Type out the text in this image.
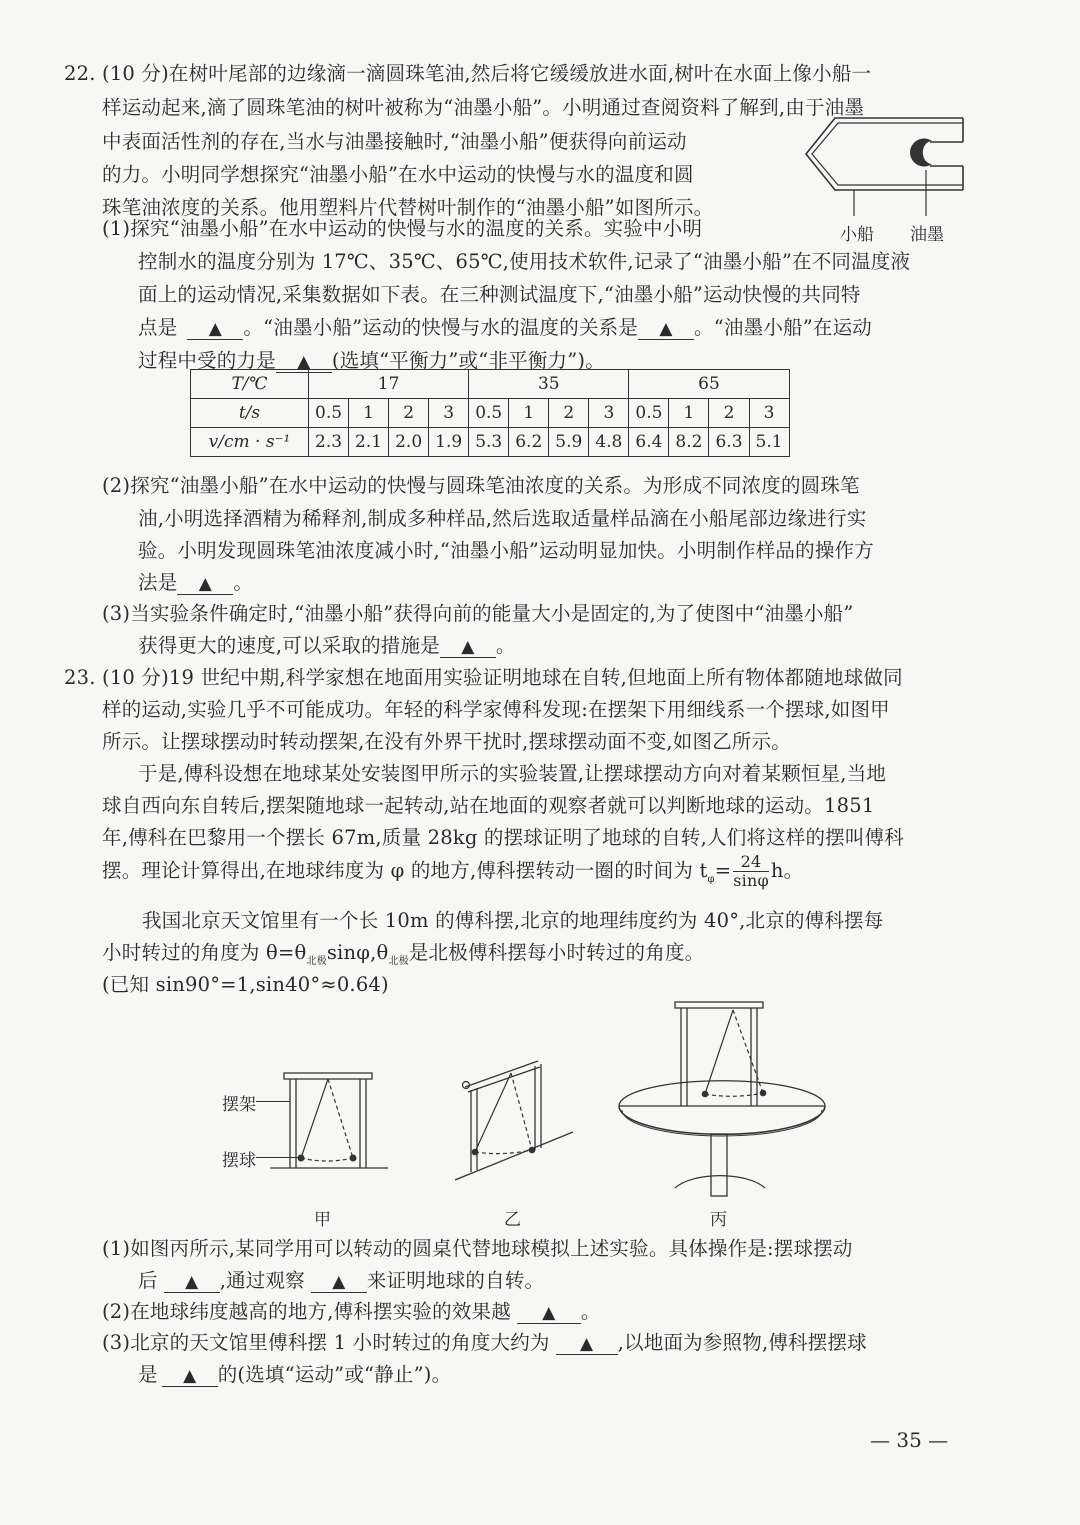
22. (10 分)在树叶尾部的边缘滴一滴圆珠笔油,然后将它缓缓放进水面,树叶在水面上像小船一
样运动起来,滴了圆珠笔油的树叶被称为“油墨小船”。小明通过查阅资料了解到,由于油墨
中表面活性剂的存在,当水与油墨接触时,“油墨小船”便获得向前运动
的力。小明同学想探究“油墨小船”在水中运动的快慢与水的温度和圆
珠笔油浓度的关系。他用塑料片代替树叶制作的“油墨小船”如图所示。
小船 油墨
(1)探究“油墨小船”在水中运动的快慢与水的温度的关系。实验中小明
控制水的温度分别为 17℃、35℃、65℃,使用技术软件,记录了“油墨小船”在不同温度液
面上的运动情况,采集数据如下表。在三种测试温度下,“油墨小船”运动快慢的共同特
点是 ▲ 。“油墨小船”运动的快慢与水的温度的关系是 ▲ 。“油墨小船”在运动
过程中受的力是 ▲ (选填“平衡力”或“非平衡力”)。
T/℃	17				35				65			
t/s	0.5	1	2	3	0.5	1	2	3	0.5	1	2	3
v/cm · s⁻¹	2.3	2.1	2.0	1.9	5.3	6.2	5.9	4.8	6.4	8.2	6.3	5.1
(2)探究“油墨小船”在水中运动的快慢与圆珠笔油浓度的关系。为形成不同浓度的圆珠笔
油,小明选择酒精为稀释剂,制成多种样品,然后选取适量样品滴在小船尾部边缘进行实
验。小明发现圆珠笔油浓度减小时,“油墨小船”运动明显加快。小明制作样品的操作方
法是 ▲ 。
(3)当实验条件确定时,“油墨小船”获得向前的能量大小是固定的,为了使图中“油墨小船”
获得更大的速度,可以采取的措施是 ▲ 。
23. (10 分)19 世纪中期,科学家想在地面用实验证明地球在自转,但地面上所有物体都随地球做同
样的运动,实验几乎不可能成功。年轻的科学家傅科发现:在摆架下用细线系一个摆球,如图甲
所示。让摆球摆动时转动摆架,在没有外界干扰时,摆球摆动面不变,如图乙所示。
于是,傅科设想在地球某处安装图甲所示的实验装置,让摆球摆动方向对着某颗恒星,当地
球自西向东自转后,摆架随地球一起转动,站在地面的观察者就可以判断地球的运动。1851
年,傅科在巴黎用一个摆长 67m,质量 28kg 的摆球证明了地球的自转,人们将这样的摆叫傅科
摆。理论计算得出,在地球纬度为 φ 的地方,傅科摆转动一圈的时间为 $t_\varphi= \frac{24}{\sin\varphi}$ h。
我国北京天文馆里有一个长 10m 的傅科摆,北京的地理纬度约为 40°,北京的傅科摆每
小时转过的角度为 $\theta=\theta_{北极}\sin\varphi,\theta_{北极}$是北极傅科摆每小时转过的角度。
(已知 sin90°=1,sin40°≈0.64)
摆架
摆球
甲	乙	丙
(1)如图丙所示,某同学用可以转动的圆桌代替地球模拟上述实验。具体操作是:摆球摆动
后 ▲ ,通过观察 ▲ 来证明地球的自转。
(2)在地球纬度越高的地方,傅科摆实验的效果越 ▲ 。
(3)北京的天文馆里傅科摆 1 小时转过的角度大约为 ▲ ,以地面为参照物,傅科摆摆球
是 ▲ 的(选填“运动”或“静止”)。
— 35 —
